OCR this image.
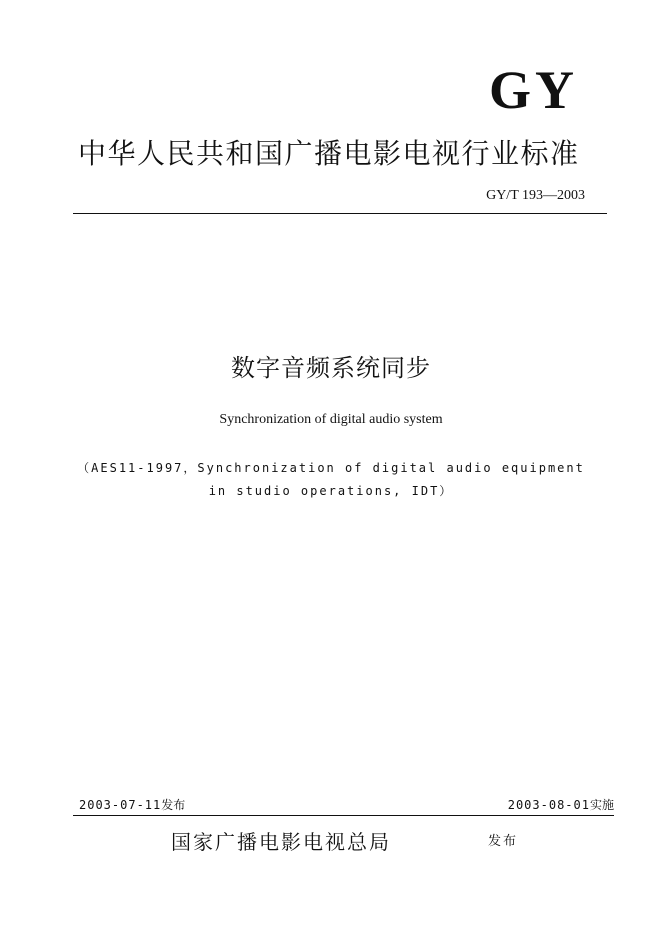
GY
中华人民共和国广播电影电视行业标准
GY/T 193—2003
数字音频系统同步
Synchronization of digital audio system
（AES11-1997，Synchronization of digital audio equipment
in studio operations, IDT）
2003-07-11发布	2003-08-01实施
国家广播电影电视总局	发布
